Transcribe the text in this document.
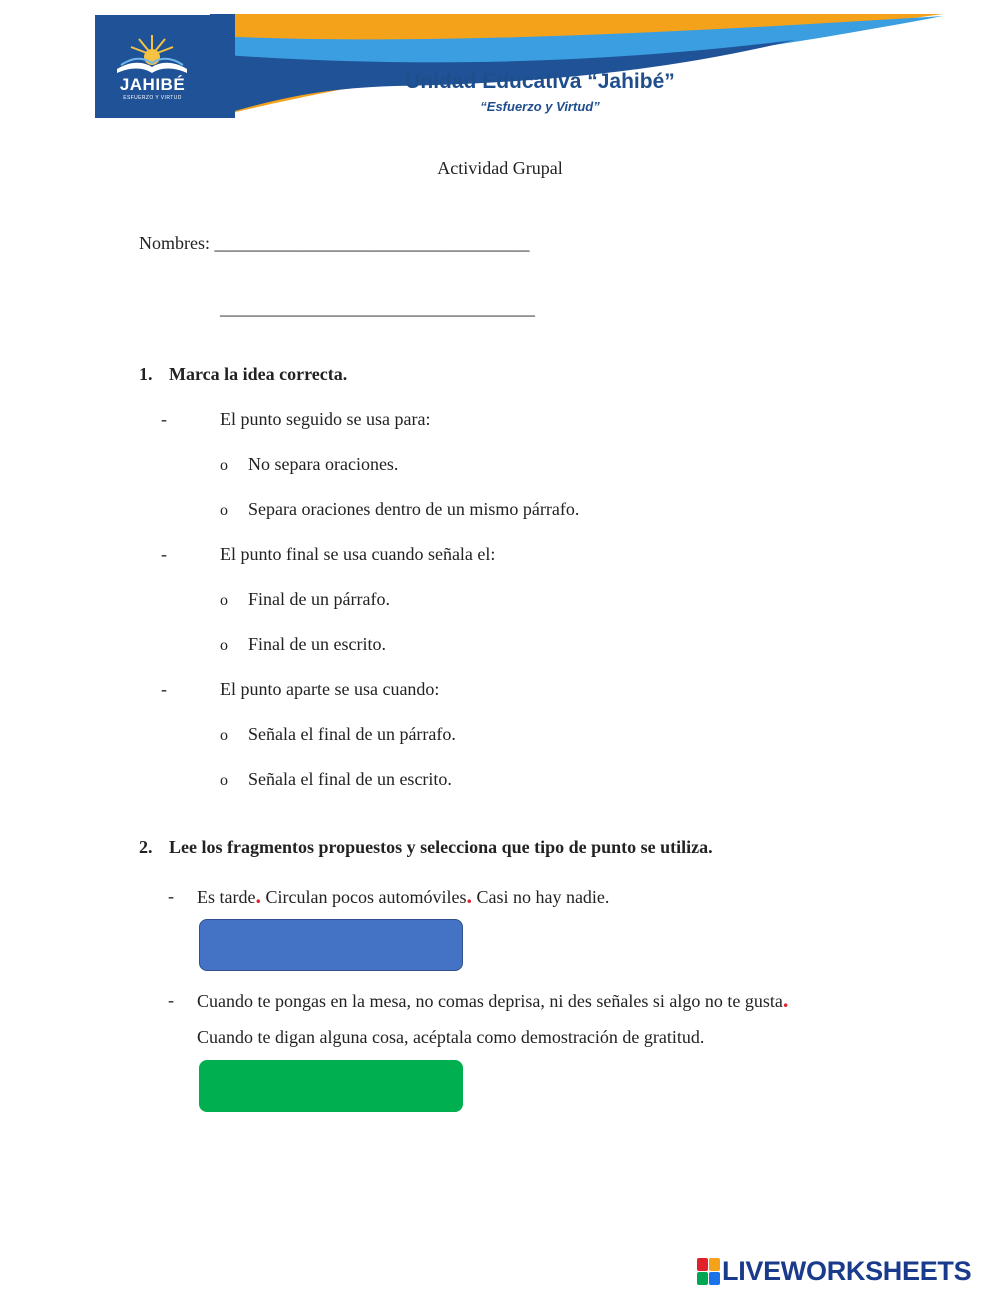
JAHIBÉ
ESFUERZO Y VIRTUD
Unidad Educativa “Jahibé”
“Esfuerzo y Virtud”
Actividad Grupal
Nombres: ___________________________________
___________________________________
1. Marca la idea correcta.
-	El punto seguido se usa para:
o No separa oraciones.
o Separa oraciones dentro de un mismo párrafo.
-	El punto final se usa cuando señala el:
o Final de un párrafo.
o Final de un escrito.
-	El punto aparte se usa cuando:
o Señala el final de un párrafo.
o Señala el final de un escrito.
2. Lee los fragmentos propuestos y selecciona que tipo de punto se utiliza.
- Es tarde. Circulan pocos automóviles. Casi no hay nadie.
- Cuando te pongas en la mesa, no comas deprisa, ni des señales si algo no te gusta.
Cuando te digan alguna cosa, acéptala como demostración de gratitud.
LIVEWORKSHEETS
